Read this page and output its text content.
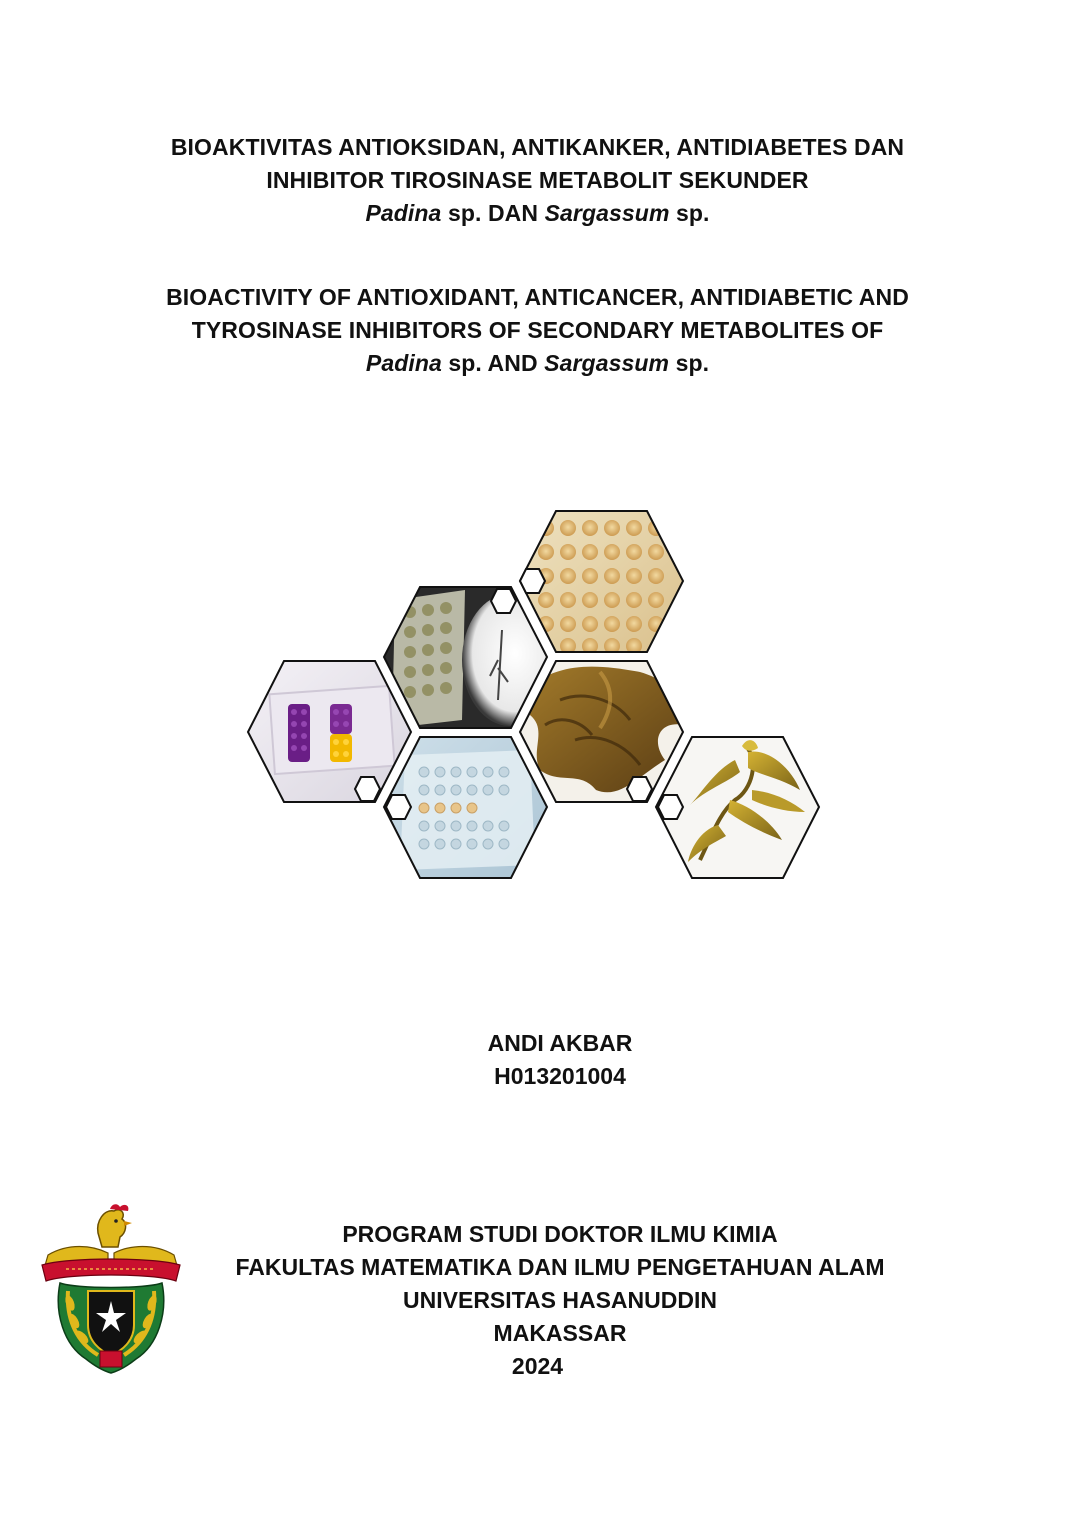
BIOAKTIVITAS ANTIOKSIDAN, ANTIKANKER, ANTIDIABETES DAN
INHIBITOR TIROSINASE METABOLIT SEKUNDER
Padina sp. DAN Sargassum sp.
BIOACTIVITY OF ANTIOXIDANT, ANTICANCER, ANTIDIABETIC AND
TYROSINASE INHIBITORS OF SECONDARY METABOLITES OF
Padina sp. AND Sargassum sp.
ANDI AKBAR
H013201004
PROGRAM STUDI DOKTOR ILMU KIMIA
FAKULTAS MATEMATIKA DAN ILMU PENGETAHUAN ALAM
UNIVERSITAS HASANUDDIN
MAKASSAR
2024
